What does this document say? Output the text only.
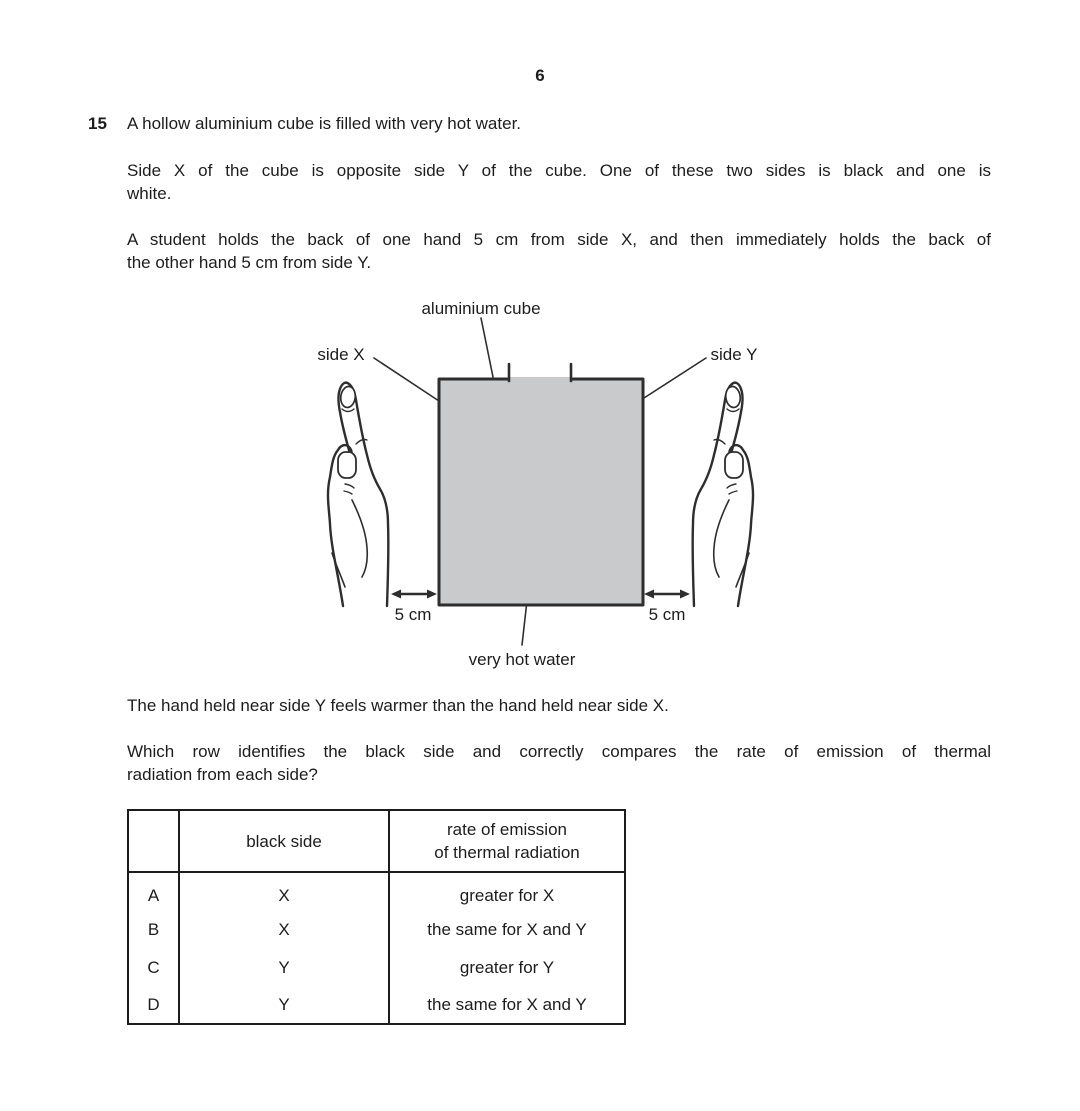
6
15 A hollow aluminium cube is filled with very hot water.
Side X of the cube is opposite side Y of the cube. One of these two sides is black and one is
white.
A student holds the back of one hand 5 cm from side X, and then immediately holds the back of
the other hand 5 cm from side Y.
aluminium cube
side X	side Y
5 cm	5 cm
very hot water
The hand held near side Y feels warmer than the hand held near side X.
Which row identifies the black side and correctly compares the rate of emission of thermal
radiation from each side?
	black side	rate of emission
of thermal radiation

A	X	greater for X
B	X	the same for X and Y
C	Y	greater for Y
D	Y	the same for X and Y
